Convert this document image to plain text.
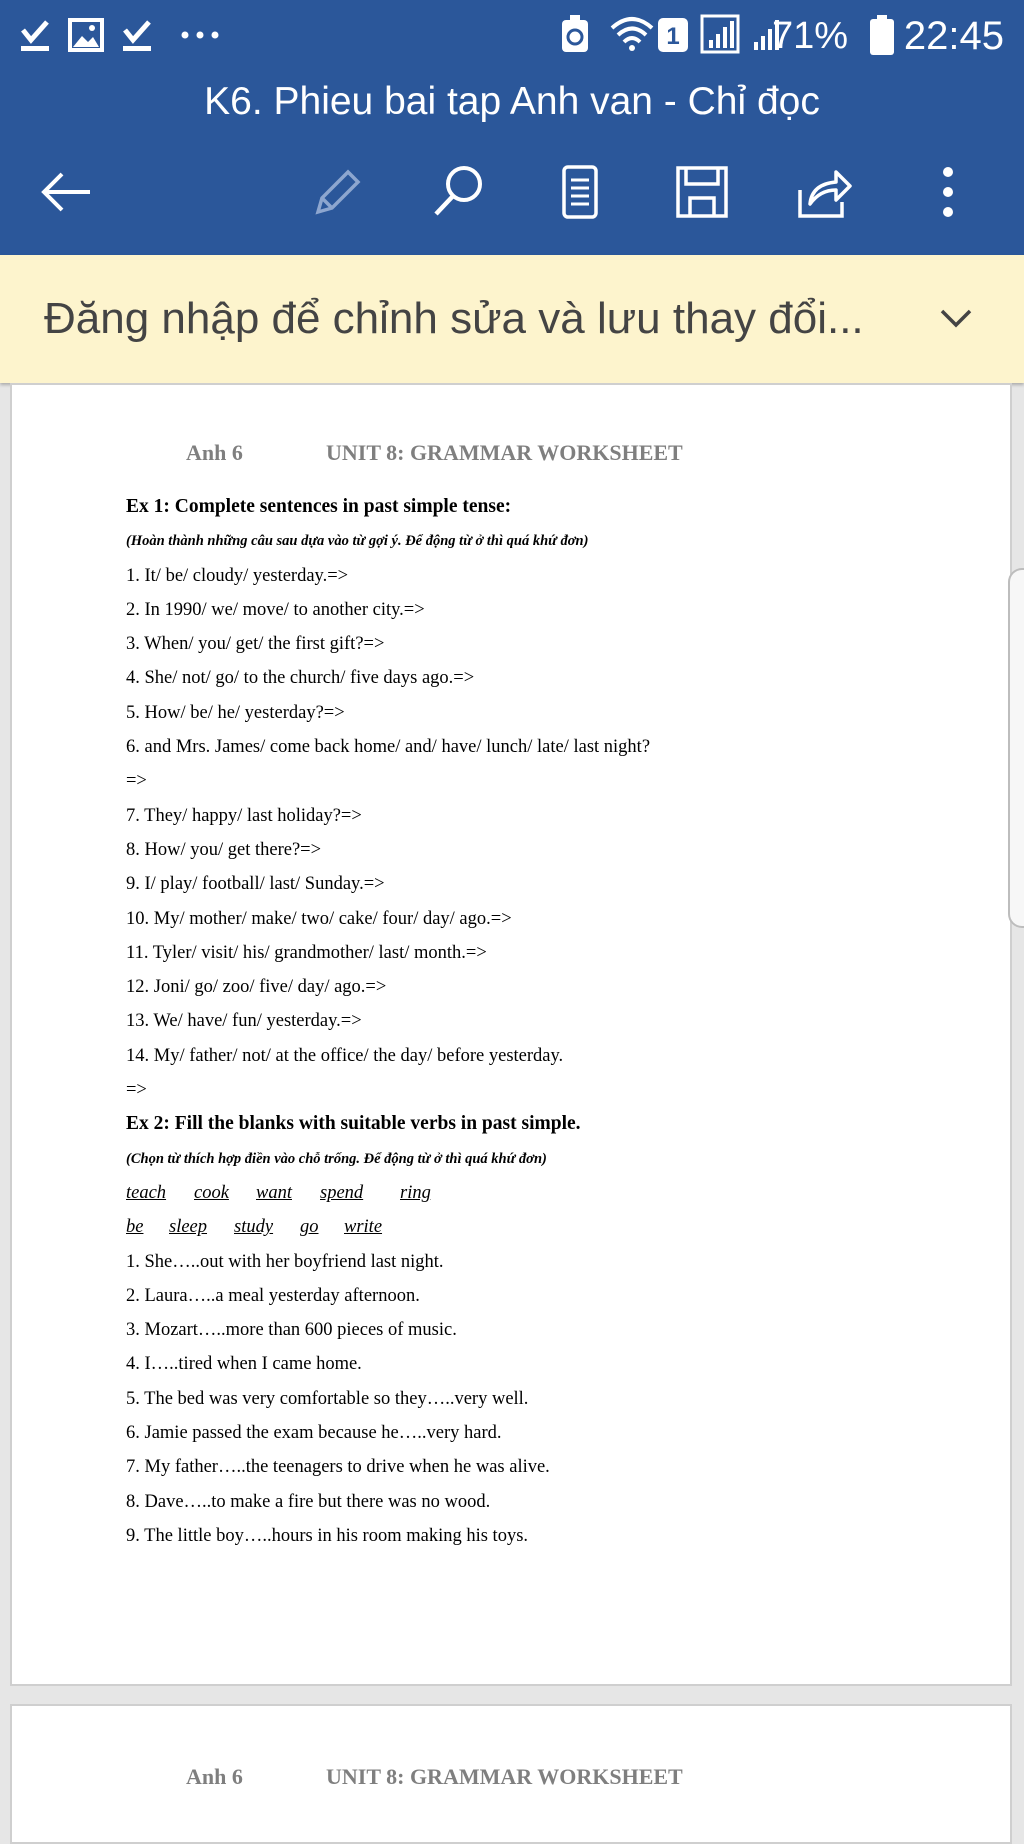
1 71% 22:45
K6. Phieu bai tap Anh van - Chỉ đọc
Đăng nhập để chỉnh sửa và lưu thay đổi...
Anh 6	UNIT 8: GRAMMAR WORKSHEET
Ex 1: Complete sentences in past simple tense:
(Hoàn thành những câu sau dựa vào từ gợi ý. Để động từ ở thì quá khứ đơn)
1. It/ be/ cloudy/ yesterday.=>
2. In 1990/ we/ move/ to another city.=>
3. When/ you/ get/ the first gift?=>
4. She/ not/ go/ to the church/ five days ago.=>
5. How/ be/ he/ yesterday?=>
6. and Mrs. James/ come back home/ and/ have/ lunch/ late/ last night?
=>
7. They/ happy/ last holiday?=>
8. How/ you/ get there?=>
9. I/ play/ football/ last/ Sunday.=>
10. My/ mother/ make/ two/ cake/ four/ day/ ago.=>
11. Tyler/ visit/ his/ grandmother/ last/ month.=>
12. Joni/ go/ zoo/ five/ day/ ago.=>
13. We/ have/ fun/ yesterday.=>
14. My/ father/ not/ at the office/ the day/ before yesterday.
=>
Ex 2: Fill the blanks with suitable verbs in past simple.
(Chọn từ thích hợp điền vào chỗ trống. Để động từ ở thì quá khứ đơn)
teach cook want spend ring
be sleep study go write
1. She…..out with her boyfriend last night.
2. Laura…..a meal yesterday afternoon.
3. Mozart…..more than 600 pieces of music.
4. I…..tired when I came home.
5. The bed was very comfortable so they…..very well.
6. Jamie passed the exam because he…..very hard.
7. My father…..the teenagers to drive when he was alive.
8. Dave…..to make a fire but there was no wood.
9. The little boy…..hours in his room making his toys.
Anh 6	UNIT 8: GRAMMAR WORKSHEET
